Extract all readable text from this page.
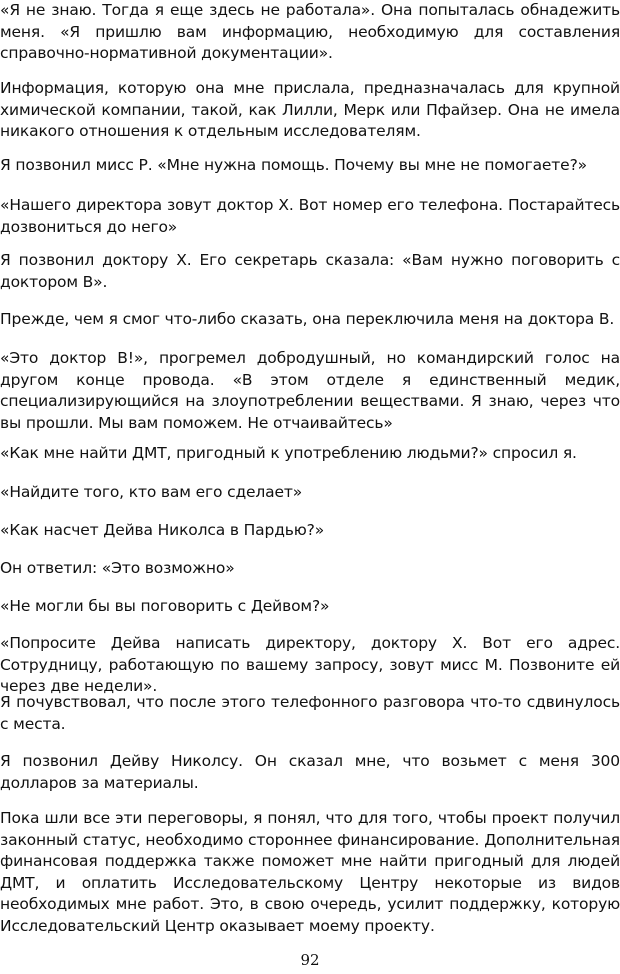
«Я не знаю. Тогда я еще здесь не работала». Она попыталась обнадежить меня. «Я пришлю вам информацию, необходимую для составления справочно-нормативной документации».

Информация, которую она мне прислала, предназначалась для крупной химической компании, такой, как Лилли, Мерк или Пфайзер. Она не имела никакого отношения к отдельным исследователям.

Я позвонил мисс Р. «Мне нужна помощь. Почему вы мне не помогаете?»

«Нашего директора зовут доктор Х. Вот номер его телефона. Постарайтесь дозвониться до него»

Я позвонил доктору Х. Его секретарь сказала: «Вам нужно поговорить с доктором В».

Прежде, чем я смог что-либо сказать, она переключила меня на доктора В.

«Это доктор В!», прогремел добродушный, но командирский голос на другом конце провода. «В этом отделе я единственный медик, специализирующийся на злоупотреблении веществами. Я знаю, через что вы прошли. Мы вам поможем. Не отчаивайтесь»

«Как мне найти ДМТ, пригодный к употреблению людьми?» спросил я.

«Найдите того, кто вам его сделает»

«Как насчет Дейва Николса в Пардью?»

Он ответил: «Это возможно»

«Не могли бы вы поговорить с Дейвом?»

«Попросите Дейва написать директору, доктору Х. Вот его адрес. Сотрудницу, работающую по вашему запросу, зовут мисс М. Позвоните ей через две недели».

Я почувствовал, что после этого телефонного разговора что-то сдвинулось с места.

Я позвонил Дейву Николсу. Он сказал мне, что возьмет с меня 300 долларов за материалы.

Пока шли все эти переговоры, я понял, что для того, чтобы проект получил законный статус, необходимо стороннее финансирование. Дополнительная финансовая поддержка также поможет мне найти пригодный для людей ДМТ, и оплатить Исследовательскому Центру некоторые из видов необходимых мне работ. Это, в свою очередь, усилит поддержку, которую Исследовательский Центр оказывает моему проекту.

92
